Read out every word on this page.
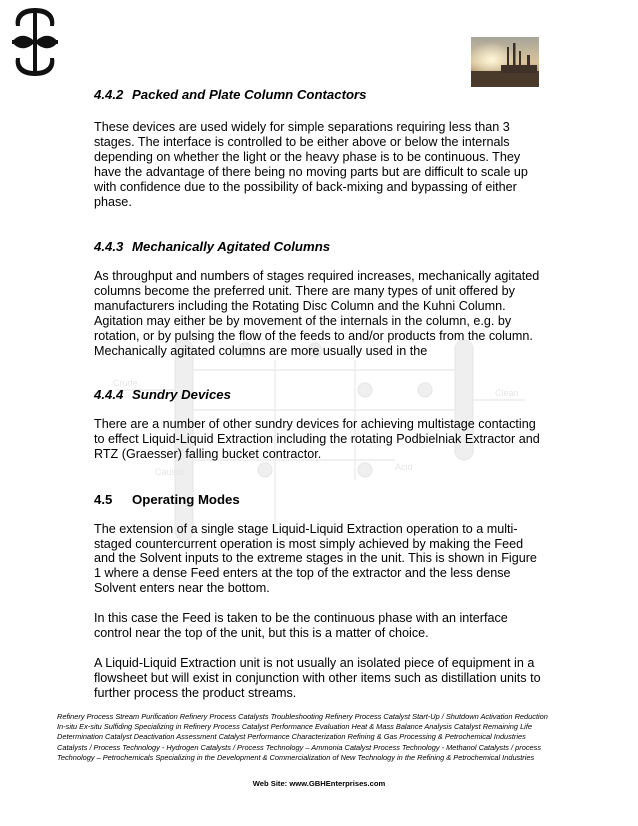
Crude
Clean
Caustic	Acid
4.4.2 Packed and Plate Column Contactors

These devices are used widely for simple separations requiring less than 3 stages. The interface is controlled to be either above or below the internals depending on whether the light or the heavy phase is to be continuous. They have the advantage of there being no moving parts but are difficult to scale up with confidence due to the possibility of back-mixing and bypassing of either phase.

4.4.3 Mechanically Agitated Columns

As throughput and numbers of stages required increases, mechanically agitated columns become the preferred unit. There are many types of unit offered by manufacturers including the Rotating Disc Column and the Kuhni Column. Agitation may either be by movement of the internals in the column, e.g. by rotation, or by pulsing the flow of the feeds to and/or products from the column. Mechanically agitated columns are more usually used in the

4.4.4 Sundry Devices

There are a number of other sundry devices for achieving multistage contacting to effect Liquid-Liquid Extraction including the rotating Podbielniak Extractor and RTZ (Graesser) falling bucket contractor.

4.5 Operating Modes

The extension of a single stage Liquid-Liquid Extraction operation to a multi-staged countercurrent operation is most simply achieved by making the Feed and the Solvent inputs to the extreme stages in the unit. This is shown in Figure 1 where a dense Feed enters at the top of the extractor and the less dense Solvent enters near the bottom.

In this case the Feed is taken to be the continuous phase with an interface control near the top of the unit, but this is a matter of choice.

A Liquid-Liquid Extraction unit is not usually an isolated piece of equipment in a flowsheet but will exist in conjunction with other items such as distillation units to further process the product streams.

Refinery Process Stream Purification Refinery Process Catalysts Troubleshooting Refinery Process Catalyst Start-Up / Shutdown Activation Reduction In-situ Ex-situ Sulfiding Specializing in Refinery Process Catalyst Performance Evaluation Heat & Mass Balance Analysis Catalyst Remaining Life Determination Catalyst Deactivation Assessment Catalyst Performance Characterization Refining & Gas Processing & Petrochemical Industries Catalysts / Process Technology - Hydrogen Catalysts / Process Technology – Ammonia Catalyst Process Technology - Methanol Catalysts / process Technology – Petrochemicals Specializing in the Development & Commercialization of New Technology in the Refining & Petrochemical Industries
Web Site: www.GBHEnterprises.com
